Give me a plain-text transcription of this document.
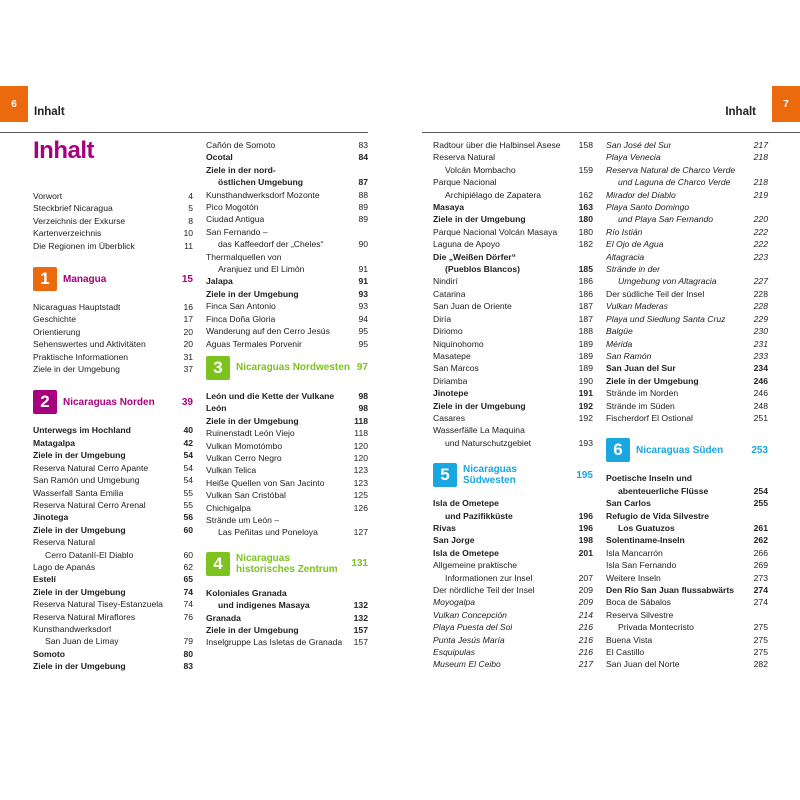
6
Inhalt
Inhalt
Vorwort	4
Steckbrief Nicaragua	5
Verzeichnis der Exkurse	8
Kartenverzeichnis	10
Die Regionen im Überblick	11
1	Managua	15
Nicaraguas Hauptstadt	16
Geschichte	17
Orientierung	20
Sehenswertes und Aktivitäten	20
Praktische Informationen	31
Ziele in der Umgebung	37
2	Nicaraguas Norden	39
Unterwegs im Hochland	40
Matagalpa	42
Ziele in der Umgebung	54
Reserva Natural Cerro Apante	54
San Ramón und Umgebung	54
Wasserfall Santa Emilia	55
Reserva Natural Cerro Arenal	55
Jinotega	56
Ziele in der Umgebung	60
Reserva Natural
Cerro Datanlí-El Diablo	60
Lago de Apanás	62
Estelí	65
Ziele in der Umgebung	74
Reserva Natural Tisey-Estanzuela 74
Reserva Natural Miraflores	76
Kunsthandwerksdorf
San Juan de Limay	79
Somoto	80
Ziele in der Umgebung	83
Cañón de Somoto	83
Ocotal	84
Ziele in der nord-
östlichen Umgebung	87
Kunsthandwerksdorf Mozonte	88
Pico Mogotón	89
Ciudad Antigua	89
San Fernando –
das Kaffeedorf der „Cheles“	90
Thermalquellen von
Aranjuez und El Limón	91
Jalapa	91
Ziele in der Umgebung	93
Finca San Antonio	93
Finca Doña Gloria	94
Wanderung auf den Cerro Jesús	95
Aguas Termales Porvenir	95
3	Nicaraguas Nordwesten 97
León und die Kette der Vulkane	98
León	98
Ziele in der Umgebung	118
Ruinenstadt León Viejo	118
Vulkan Momotómbo	120
Vulkan Cerro Negro	120
Vulkan Telica	123
Heiße Quellen von San Jacinto	123
Vulkan San Cristóbal	125
Chichigalpa	126
Strände um León –
Las Peñitas und Poneloya	127
4	Nicaraguas
historisches Zentrum	131
Koloniales Granada
und indigenes Masaya	132
Granada	132
Ziele in der Umgebung	157
Inselgruppe Las Isletas de Granada 157
7
Inhalt
Radtour über die Halbinsel Asese 158
Reserva Natural
Volcán Mombacho	159
Parque Nacional
Archipiélago de Zapatera	162
Masaya	163
Ziele in der Umgebung	180
Parque Nacional Volcán Masaya 180
Laguna de Apoyo	182
Die „Weißen Dörfer“
(Pueblos Blancos)	185
Nindirí	186
Catarina	186
San Juan de Oriente	187
Diría	187
Diriomo	188
Niquinohomo	189
Masatepe	189
San Marcos	189
Diriamba	190
Jinotepe	191
Ziele in der Umgebung	192
Casares	192
Wasserfälle La Maquina
und Naturschutzgebiet	193
5	Nicaraguas Südwesten	195
Isla de Ometepe
und Pazifikküste	196
Rivas	196
San Jorge	198
Isla de Ometepe	201
Allgemeine praktische
Informationen zur Insel	207
Der nördliche Teil der Insel	209
Moyogalpa	209
Vulkan Concepción	214
Playa Puesta del Sol	216
Punta Jesús María	216
Esquipulas	216
Museum El Ceibo	217
San José del Sur	217
Playa Venecia	218
Reserva Natural de Charco Verde
und Laguna de Charco Verde	218
Mirador del Diablo	219
Playa Santo Domingo
und Playa San Fernando	220
Río Istián	222
El Ojo de Agua	222
Altagracia	223
Strände in der
Umgebung von Altagracia	227
Der südliche Teil der Insel	228
Vulkan Maderas	228
Playa und Siedlung Santa Cruz	229
Balgüe	230
Mérida	231
San Ramón	233
San Juan del Sur	234
Ziele in der Umgebung	246
Strände im Norden	246
Strände im Süden	248
Fischerdorf El Ostional	251
6	Nicaraguas Süden	253
Poetische Inseln und
abenteuerliche Flüsse	254
San Carlos	255
Refugio de Vida Silvestre
Los Guatuzos	261
Solentiname-Inseln	262
Isla Mancarrón	266
Isla San Fernando	269
Weitere Inseln	273
Den Río San Juan flussabwärts 274
Boca de Sábalos	274
Reserva Silvestre
Privada Montecristo	275
Buena Vista	275
El Castillo	275
San Juan del Norte	282
